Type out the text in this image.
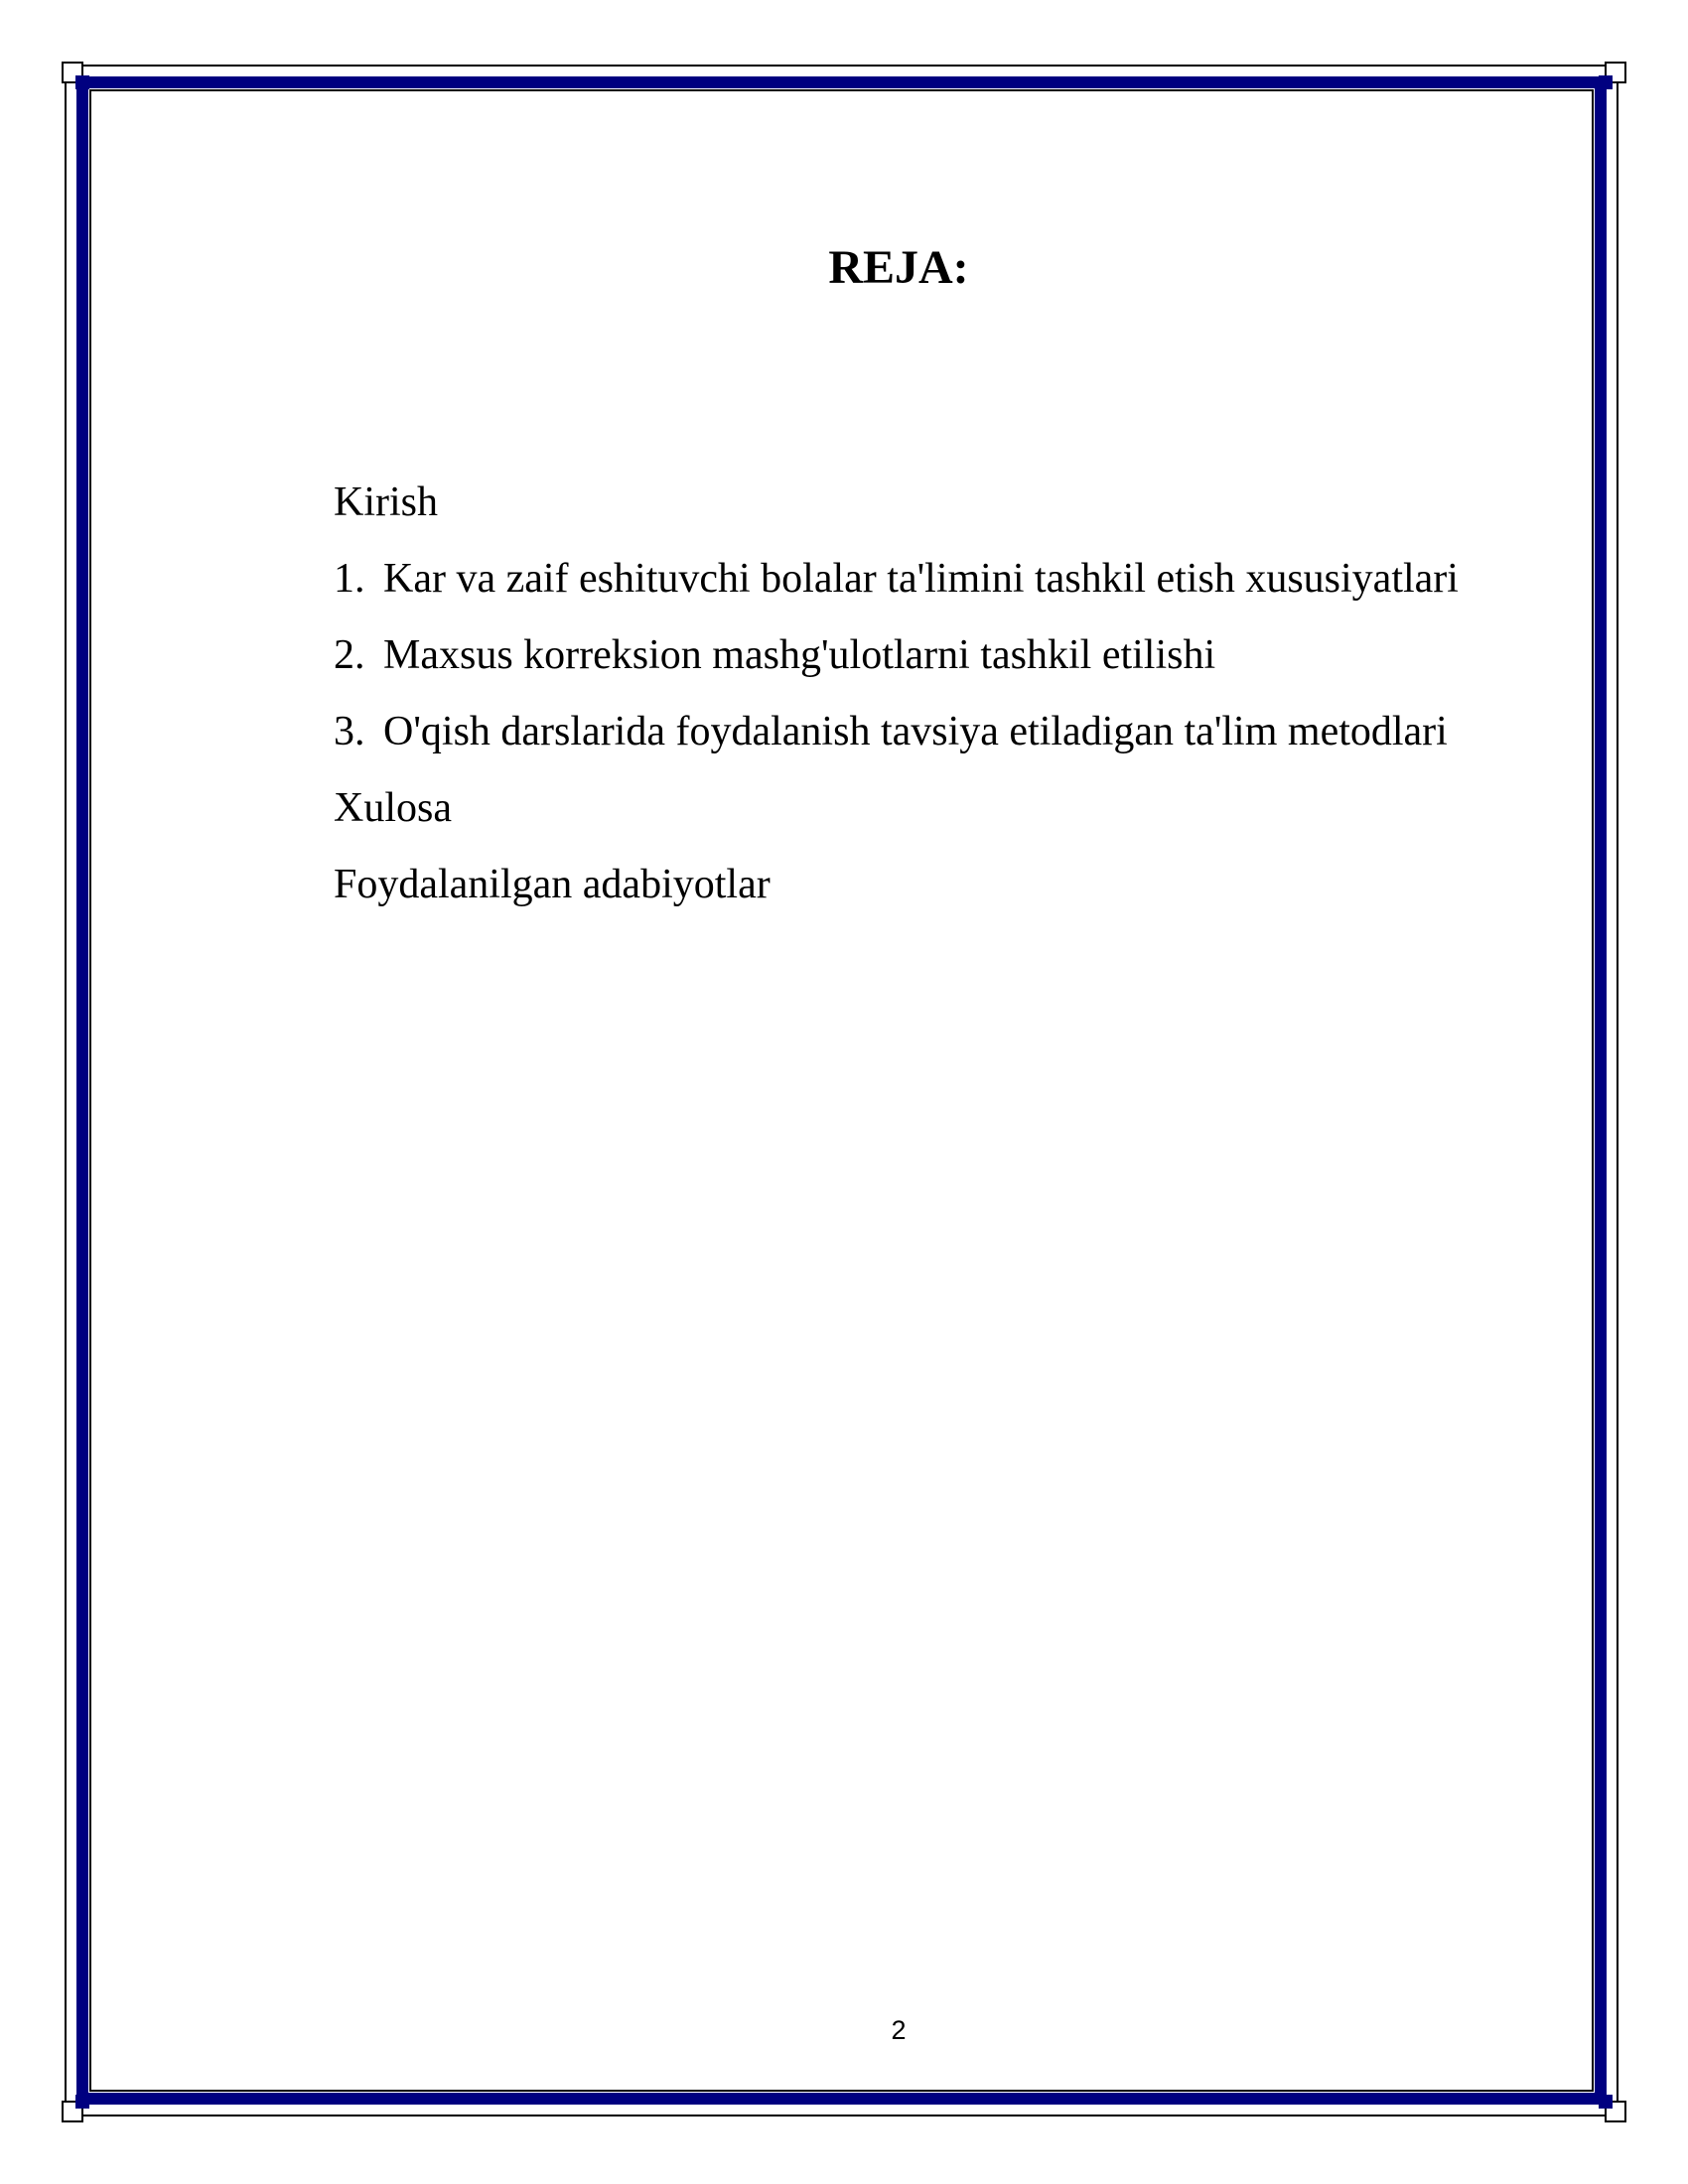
REJA:
Kirish
1. Kar va zaif eshituvchi bolalar ta'limini tashkil etish xususiyatlari
2. Maxsus korreksion mashg'ulotlarni tashkil etilishi
3. O'qish darslarida foydalanish tavsiya etiladigan ta'lim metodlari
Xulosa
Foydalanilgan adabiyotlar
2
